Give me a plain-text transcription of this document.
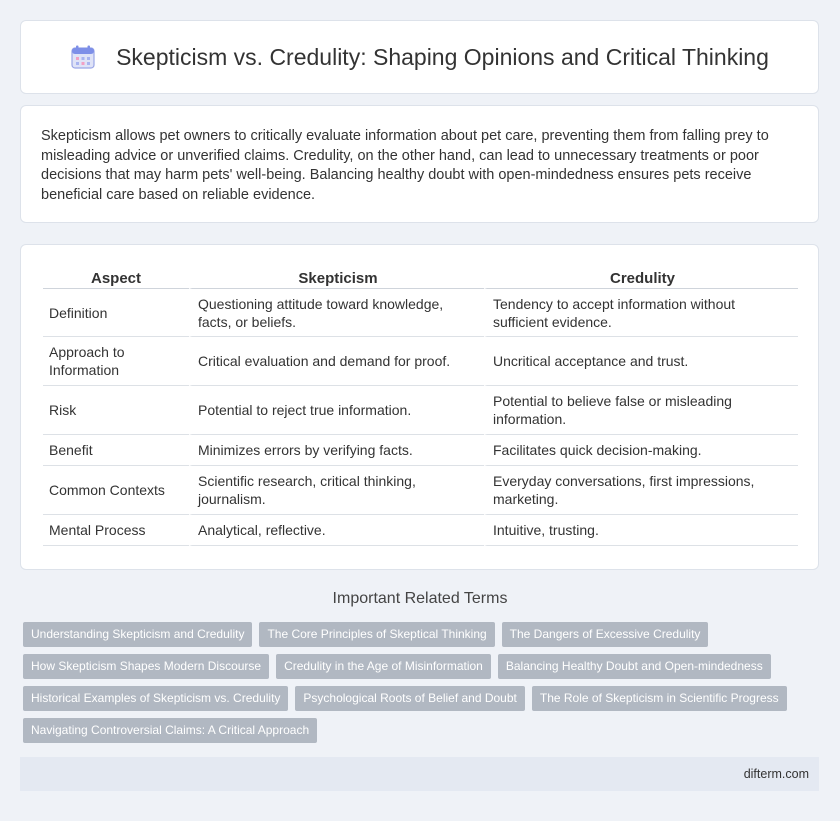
Skepticism vs. Credulity: Shaping Opinions and Critical Thinking

Skepticism allows pet owners to critically evaluate information about pet care, preventing them from falling prey to misleading advice or unverified claims. Credulity, on the other hand, can lead to unnecessary treatments or poor decisions that may harm pets' well-being. Balancing healthy doubt with open-mindedness ensures pets receive beneficial care based on reliable evidence.

Aspect	Skepticism	Credulity
Definition	Questioning attitude toward knowledge, facts, or beliefs.	Tendency to accept information without sufficient evidence.
Approach to Information	Critical evaluation and demand for proof.	Uncritical acceptance and trust.
Risk	Potential to reject true information.	Potential to believe false or misleading information.
Benefit	Minimizes errors by verifying facts.	Facilitates quick decision-making.
Common Contexts	Scientific research, critical thinking, journalism.	Everyday conversations, first impressions, marketing.
Mental Process	Analytical, reflective.	Intuitive, trusting.
Important Related Terms
Understanding Skepticism and Credulity	The Core Principles of Skeptical Thinking	The Dangers of Excessive Credulity
How Skepticism Shapes Modern Discourse	Credulity in the Age of Misinformation	Balancing Healthy Doubt and Open-mindedness
Historical Examples of Skepticism vs. Credulity	Psychological Roots of Belief and Doubt	The Role of Skepticism in Scientific Progress
Navigating Controversial Claims: A Critical Approach
difterm.com
